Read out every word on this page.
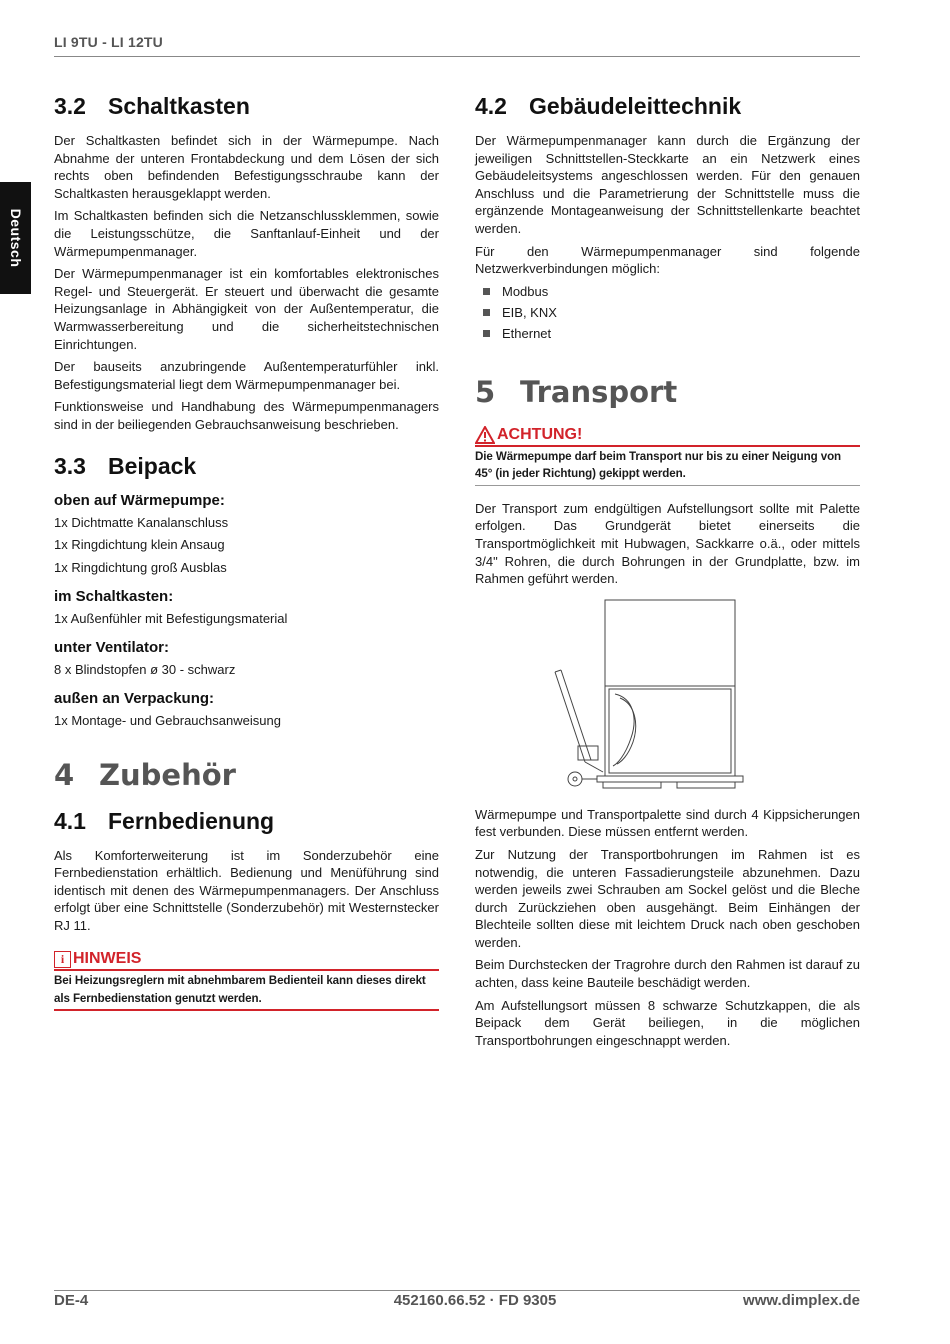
LI 9TU - LI 12TU
Deutsch
3.2 Schaltkasten

Der Schaltkasten befindet sich in der Wärmepumpe. Nach Abnahme der unteren Frontabdeckung und dem Lösen der sich rechts oben befindenden Befestigungsschraube kann der Schaltkasten herausgeklappt werden.

Im Schaltkasten befinden sich die Netzanschlussklemmen, sowie die Leistungsschütze, die Sanftanlauf-Einheit und der Wärmepumpenmanager.

Der Wärmepumpenmanager ist ein komfortables elektronisches Regel- und Steuergerät. Er steuert und überwacht die gesamte Heizungsanlage in Abhängigkeit von der Außentemperatur, die Warmwasserbereitung und die sicherheitstechnischen Einrichtungen.

Der bauseits anzubringende Außentemperaturfühler inkl. Befestigungsmaterial liegt dem Wärmepumpenmanager bei.

Funktionsweise und Handhabung des Wärmepumpenmanagers sind in der beiliegenden Gebrauchsanweisung beschrieben.

3.3 Beipack
oben auf Wärmepumpe:
1x Dichtmatte Kanalanschluss
1x Ringdichtung klein Ansaug
1x Ringdichtung groß Ausblas
im Schaltkasten:
1x Außenfühler mit Befestigungsmaterial
unter Ventilator:
8 x Blindstopfen ø 30 - schwarz
außen an Verpackung:
1x Montage- und Gebrauchsanweisung
4 Zubehör
4.1 Fernbedienung

Als Komforterweiterung ist im Sonderzubehör eine Fernbedienstation erhältlich. Bedienung und Menüführung sind identisch mit denen des Wärmepumpenmanagers. Der Anschluss erfolgt über eine Schnittstelle (Sonderzubehör) mit Westernstecker RJ 11.

i HINWEIS
Bei Heizungsreglern mit abnehmbarem Bedienteil kann dieses direkt als Fernbedienstation genutzt werden.
4.2 Gebäudeleittechnik

Der Wärmepumpenmanager kann durch die Ergänzung der jeweiligen Schnittstellen-Steckkarte an ein Netzwerk eines Gebäudeleitsystems angeschlossen werden. Für den genauen Anschluss und die Parametrierung der Schnittstelle muss die ergänzende Montageanweisung der Schnittstellenkarte beachtet werden.

Für den Wärmepumpenmanager sind folgende Netzwerkverbindungen möglich:

Modbus
EIB, KNX
Ethernet
5 Transport
ACHTUNG!
Die Wärmepumpe darf beim Transport nur bis zu einer Neigung von 45° (in jeder Richtung) gekippt werden.

Der Transport zum endgültigen Aufstellungsort sollte mit Palette erfolgen. Das Grundgerät bietet einerseits die Transportmöglichkeit mit Hubwagen, Sackkarre o.ä., oder mittels 3/4" Rohren, die durch Bohrungen in der Grundplatte, bzw. im Rahmen geführt werden.

Wärmepumpe und Transportpalette sind durch 4 Kippsicherungen fest verbunden. Diese müssen entfernt werden.

Zur Nutzung der Transportbohrungen im Rahmen ist es notwendig, die unteren Fassadierungsteile abzunehmen. Dazu werden jeweils zwei Schrauben am Sockel gelöst und die Bleche durch Zurückziehen oben ausgehängt. Beim Einhängen der Blechteile sollten diese mit leichtem Druck nach oben geschoben werden.

Beim Durchstecken der Tragrohre durch den Rahmen ist darauf zu achten, dass keine Bauteile beschädigt werden.

Am Aufstellungsort müssen 8 schwarze Schutzkappen, die als Beipack dem Gerät beiliegen, in die möglichen Transportbohrungen eingeschnappt werden.

DE-4	452160.66.52 · FD 9305	www.dimplex.de
